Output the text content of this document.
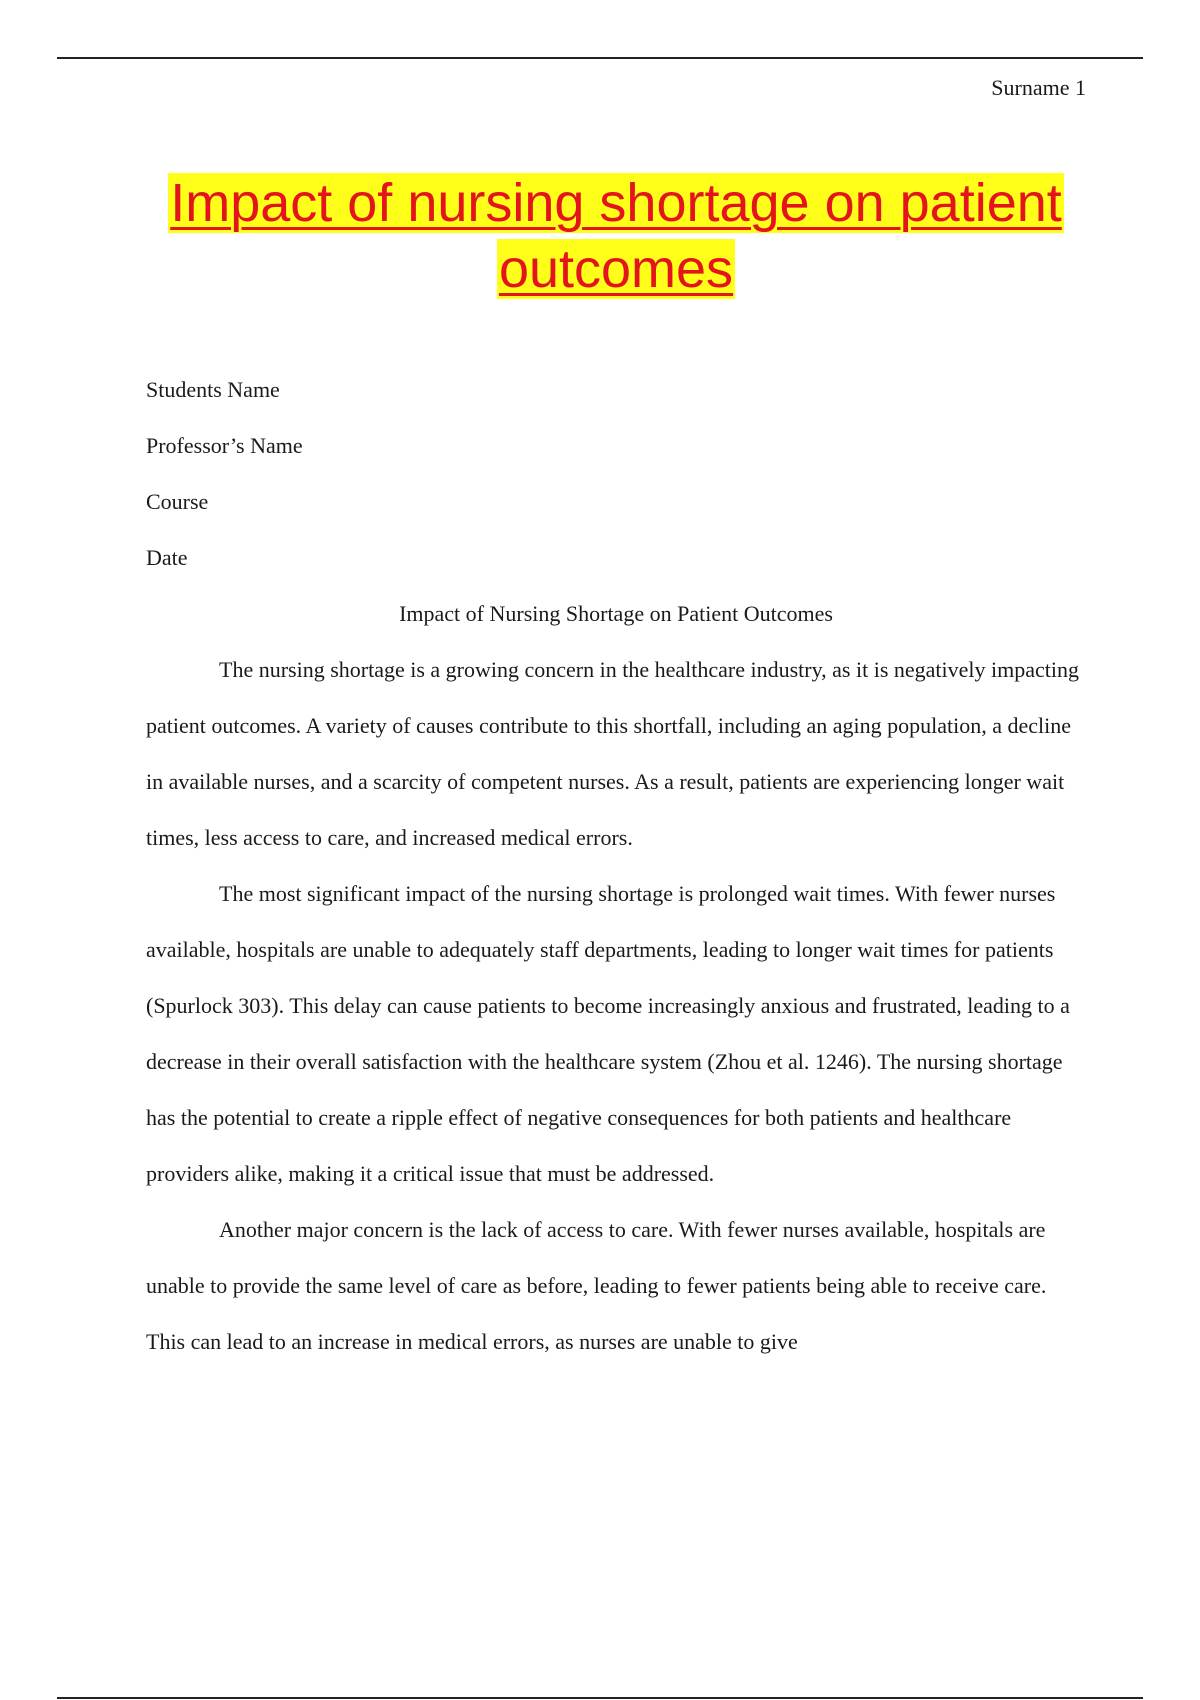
Surname 1
Impact of nursing shortage on patient outcomes
Students Name
Professor’s Name
Course
Date
Impact of Nursing Shortage on Patient Outcomes

The nursing shortage is a growing concern in the healthcare industry, as it is negatively impacting patient outcomes. A variety of causes contribute to this shortfall, including an aging population, a decline in available nurses, and a scarcity of competent nurses. As a result, patients are experiencing longer wait times, less access to care, and increased medical errors.

The most significant impact of the nursing shortage is prolonged wait times. With fewer nurses available, hospitals are unable to adequately staff departments, leading to longer wait times for patients (Spurlock 303). This delay can cause patients to become increasingly anxious and frustrated, leading to a decrease in their overall satisfaction with the healthcare system (Zhou et al. 1246). The nursing shortage has the potential to create a ripple effect of negative consequences for both patients and healthcare providers alike, making it a critical issue that must be addressed.

Another major concern is the lack of access to care. With fewer nurses available, hospitals are unable to provide the same level of care as before, leading to fewer patients being able to receive care. This can lead to an increase in medical errors, as nurses are unable to give
